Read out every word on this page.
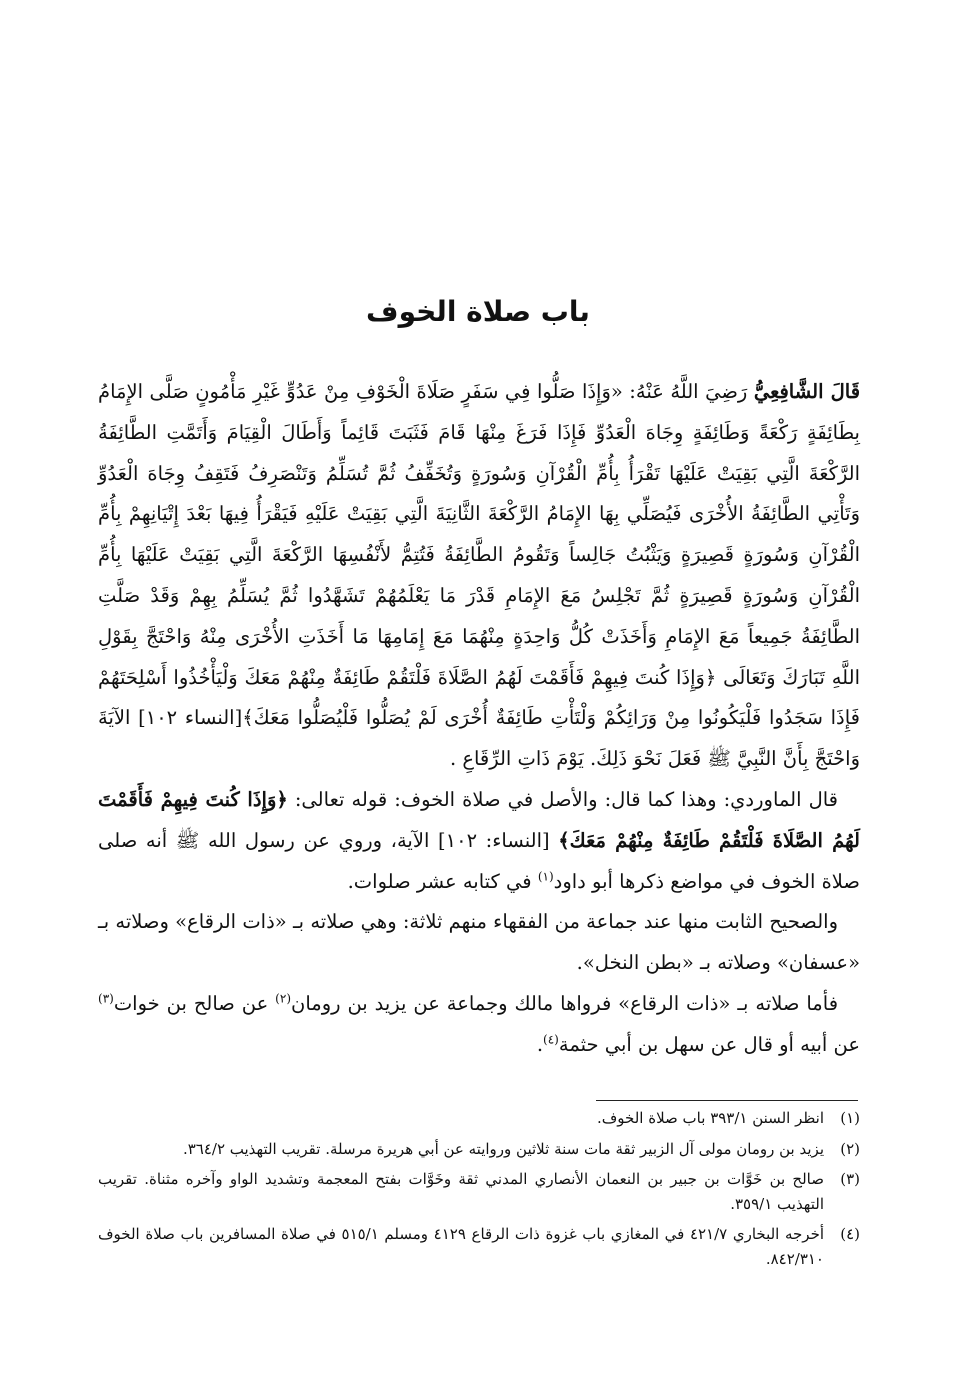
باب صلاة الخوف

قَالَ الشَّافِعِيُّ رَضِيَ اللَّهُ عَنْهُ: «وَإِذَا صَلُّوا فِي سَفَرٍ صَلَاةَ الْخَوْفِ مِنْ عَدُوٍّ غَيْرِ مَأْمُونٍ صَلَّى الإِمَامُ بِطَائِفَةٍ رَكْعَةً وَطَائِفَةٍ وِجَاهَ الْعَدُوِّ فَإِذَا فَرَغَ مِنْهَا قَامَ فَثَبَتَ قَائِماً وَأَطَالَ الْقِيَامَ وَأَتَمَّتِ الطَّائِفَةُ الرَّكْعَةَ الَّتِي بَقِيَتْ عَلَيْهَا تَقْرَأُ بِأُمِّ الْقُرْآنِ وَسُورَةٍ وَتُخَفِّفُ ثُمَّ تُسَلِّمُ وَتَنْصَرِفُ فَتَقِفُ وِجَاهَ الْعَدُوِّ وَتَأْتِي الطَّائِفَةُ الأُخْرَى فَيُصَلِّي بِهَا الإِمَامُ الرَّكْعَةَ الثَّانِيَةَ الَّتِي بَقِيَتْ عَلَيْهِ فَيَقْرَأُ فِيهَا بَعْدَ إِتْيَانِهِمْ بِأُمِّ الْقُرْآنِ وَسُورَةٍ قَصِيرَةٍ وَيَثْبُتُ جَالِساً وَتَقُومُ الطَّائِفَةُ فَتُتِمُّ لأَنْفُسِهَا الرَّكْعَةَ الَّتِي بَقِيَتْ عَلَيْهَا بِأُمِّ الْقُرْآنِ وَسُورَةٍ قَصِيرَةٍ ثُمَّ تَجْلِسُ مَعَ الإِمَامِ قَدْرَ مَا يَعْلَمُهُمْ تَشَهَّدُوا ثُمَّ يُسَلِّمُ بِهِمْ وَقَدْ صَلَّتِ الطَّائِفَةُ جَمِيعاً مَعَ الإِمَامِ وَأَخَذَتْ كُلُّ وَاحِدَةٍ مِنْهُمَا مَعَ إِمَامِهَا مَا أَخَذَتِ الأُخْرَى مِنْهُ وَاحْتَجَّ بِقَوْلِ اللَّهِ تَبَارَكَ وَتَعَالَى ﴿وَإِذَا كُنتَ فِيهِمْ فَأَقَمْتَ لَهُمُ الصَّلَاةَ فَلْتَقُمْ طَائِفَةٌ مِنْهُمْ مَعَكَ وَلْيَأْخُذُوا أَسْلِحَتَهُمْ فَإِذَا سَجَدُوا فَلْيَكُونُوا مِنْ وَرَائِكُمْ وَلْتَأْتِ طَائِفَةٌ أُخْرَى لَمْ يُصَلُّوا فَلْيُصَلُّوا مَعَكَ﴾[النساء ١٠٢] الآيَةَ وَاحْتَجَّ بِأَنَّ النَّبِيَّ ﷺ فَعَلَ نَحْوَ ذَلِكَ. يَوْمَ ذَاتِ الرِّقَاعِ .

قال الماوردي: وهذا كما قال: والأصل في صلاة الخوف: قوله تعالى: ﴿وَإِذَا كُنتَ فِيهِمْ فَأَقَمْتَ لَهُمُ الصَّلَاةَ فَلْتَقُمْ طَائِفَةٌ مِنْهُمْ مَعَكَ﴾ [النساء: ١٠٢] الآية، وروي عن رسول الله ﷺ أنه صلى صلاة الخوف في مواضع ذكرها أبو داود$^{(١)}$ في كتابه عشر صلوات.

والصحيح الثابت منها عند جماعة من الفقهاء منهم ثلاثة: وهي صلاته بـ «ذات الرقاع» وصلاته بـ «عسفان» وصلاته بـ «بطن النخل».

فأما صلاته بـ «ذات الرقاع» فرواها مالك وجماعة عن يزيد بن رومان$^{(٢)}$ عن صالح بن خوات$^{(٣)}$ عن أبيه أو قال عن سهل بن أبي حثمة$^{(٤)}$.

(١)
انظر السنن ٣٩٣/١ باب صلاة الخوف.
(٢)
يزيد بن رومان مولى آل الزبير ثقة مات سنة ثلاثين وروايته عن أبي هريرة مرسلة. تقريب التهذيب ٣٦٤/٢.
(٣)
صالح بن خَوَّات بن جبير بن النعمان الأنصاري المدني ثقة وخَوَّات بفتح المعجمة وتشديد الواو وآخره مثناة. تقريب التهذيب ٣٥٩/١.
(٤)
أخرجه البخاري ٤٢١/٧ في المغازي باب غزوة ذات الرقاع ٤١٢٩ ومسلم ٥١٥/١ في صلاة المسافرين باب صلاة الخوف ٨٤٢/٣١٠.
